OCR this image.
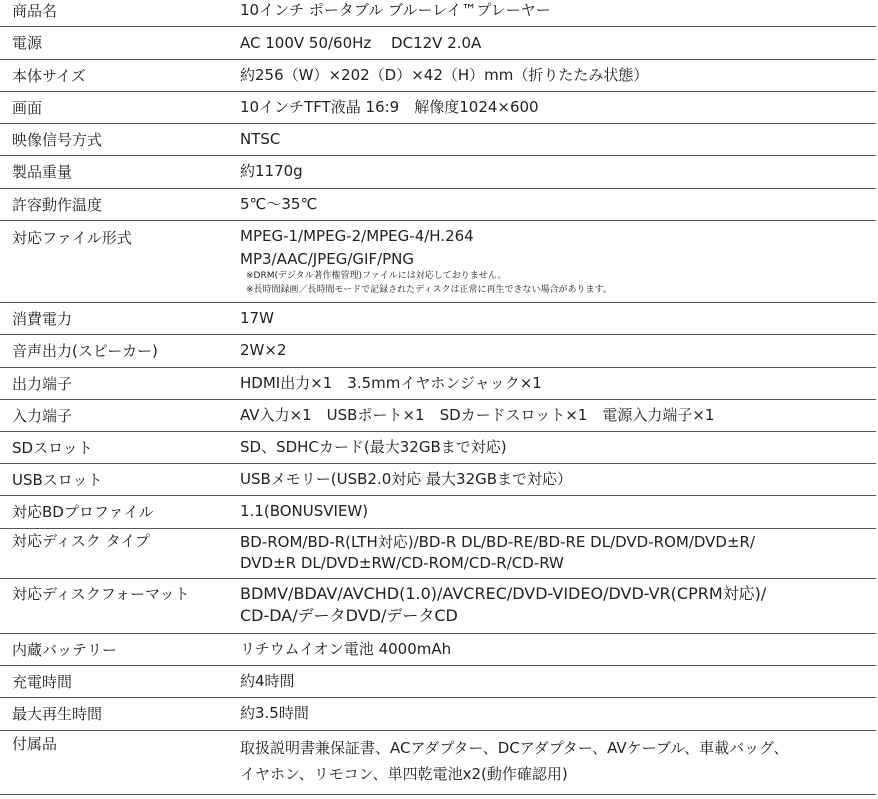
商品名	10インチ ポータブル ブルーレイ™プレーヤー
電源	AC 100V 50/60Hz　 DC12V 2.0A
本体サイズ	約256（W）×202（D）×42（H）mm（折りたたみ状態）
画面	10インチTFT液晶 16:9　解像度1024×600
映像信号方式	NTSC
製品重量	約1170g
許容動作温度	5℃～35℃
対応ファイル形式	MPEG-1/MPEG-2/MPEG-4/H.264
MP3/AAC/JPEG/GIF/PNG
※DRM(デジタル著作権管理)ファイルには対応しておりません。
※長時間録画／長時間モードで記録されたディスクは正常に再生できない場合があります。
消費電力	17W
音声出力(スピーカー)	2W×2
出力端子	HDMI出力×1　3.5mmイヤホンジャック×1
入力端子	AV入力×1　USBポート×1　SDカードスロット×1　電源入力端子×1
SDスロット	SD、SDHCカード(最大32GBまで対応)
USBスロット	USBメモリー(USB2.0対応 最大32GBまで対応）
対応BDプロファイル	1.1(BONUSVIEW)
対応ディスク タイプ	BD-ROM/BD-R(LTH対応)/BD-R DL/BD-RE/BD-RE DL/DVD-ROM/DVD±R/
DVD±R DL/DVD±RW/CD-ROM/CD-R/CD-RW
対応ディスクフォーマット	BDMV/BDAV/AVCHD(1.0)/AVCREC/DVD-VIDEO/DVD-VR(CPRM対応)/
CD-DA/データDVD/データCD
内蔵バッテリー	リチウムイオン電池 4000mAh
充電時間	約4時間
最大再生時間	約3.5時間
付属品	取扱説明書兼保証書、ACアダプター、DCアダプター、AVケーブル、車載バッグ、
イヤホン、リモコン、単四乾電池x2(動作確認用)
